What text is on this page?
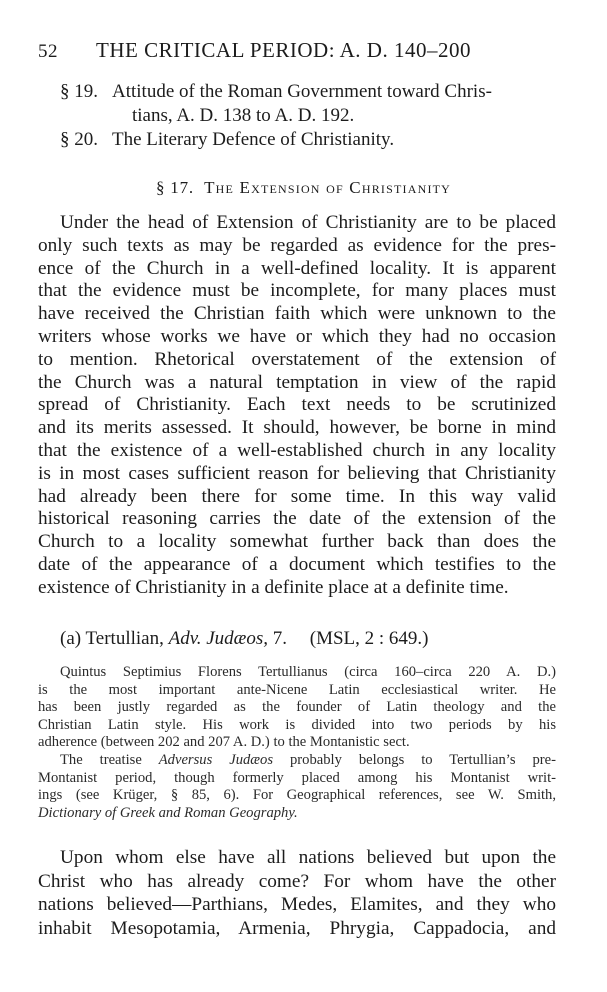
52 THE CRITICAL PERIOD: A. D. 140–200
§ 19. Attitude of the Roman Government toward Chris-
tians, A. D. 138 to A. D. 192.
§ 20. The Literary Defence of Christianity.
§ 17. The Extension of Christianity
Under the head of Extension of Christianity are to be placed
only such texts as may be regarded as evidence for the pres-
ence of the Church in a well-defined locality. It is apparent
that the evidence must be incomplete, for many places must
have received the Christian faith which were unknown to the
writers whose works we have or which they had no occasion
to mention. Rhetorical overstatement of the extension of
the Church was a natural temptation in view of the rapid
spread of Christianity. Each text needs to be scrutinized
and its merits assessed. It should, however, be borne in mind
that the existence of a well-established church in any locality
is in most cases sufficient reason for believing that Christianity
had already been there for some time. In this way valid
historical reasoning carries the date of the extension of the
Church to a locality somewhat further back than does the
date of the appearance of a document which testifies to the
existence of Christianity in a definite place at a definite time.
(a) Tertullian, Adv. Judæos, 7. (MSL, 2 : 649.)
Quintus Septimius Florens Tertullianus (circa 160–circa 220 A. D.)
is the most important ante-Nicene Latin ecclesiastical writer. He
has been justly regarded as the founder of Latin theology and the
Christian Latin style. His work is divided into two periods by his
adherence (between 202 and 207 A. D.) to the Montanistic sect.
The treatise Adversus Judæos probably belongs to Tertullian’s pre-
Montanist period, though formerly placed among his Montanist writ-
ings (see Krüger, § 85, 6). For Geographical references, see W. Smith,
Dictionary of Greek and Roman Geography.
Upon whom else have all nations believed but upon the
Christ who has already come? For whom have the other
nations believed—Parthians, Medes, Elamites, and they who
inhabit Mesopotamia, Armenia, Phrygia, Cappadocia, and
